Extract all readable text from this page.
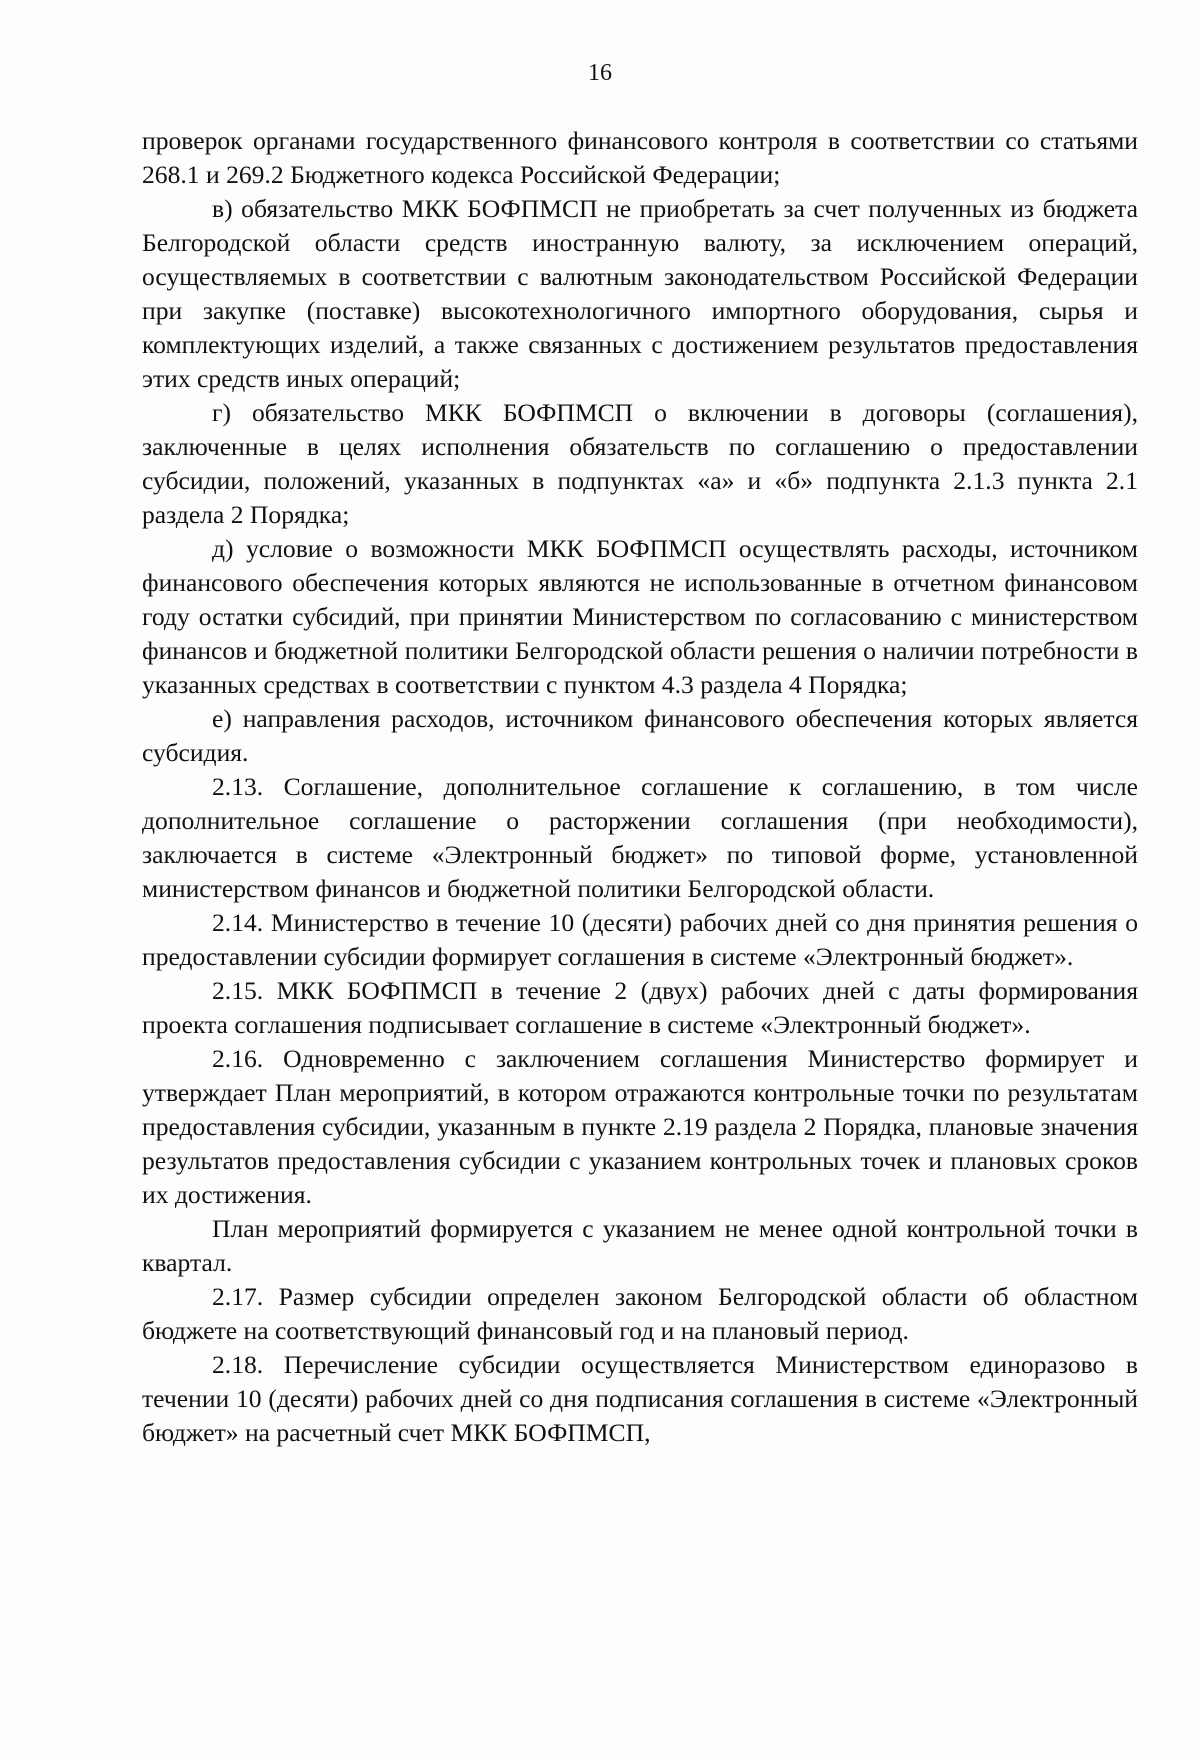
16

проверок органами государственного финансового контроля в соответствии со статьями 268.1 и 269.2 Бюджетного кодекса Российской Федерации;

в) обязательство МКК БОФПМСП не приобретать за счет полученных из бюджета Белгородской области средств иностранную валюту, за исключением операций, осуществляемых в соответствии с валютным законодательством Российской Федерации при закупке (поставке) высокотехнологичного импортного оборудования, сырья и комплектующих изделий, а также связанных с достижением результатов предоставления этих средств иных операций;

г) обязательство МКК БОФПМСП о включении в договоры (соглашения), заключенные в целях исполнения обязательств по соглашению о предоставлении субсидии, положений, указанных в подпунктах «а» и «б» подпункта 2.1.3 пункта 2.1 раздела 2 Порядка;

д) условие о возможности МКК БОФПМСП осуществлять расходы, источником финансового обеспечения которых являются не использованные в отчетном финансовом году остатки субсидий, при принятии Министерством по согласованию с министерством финансов и бюджетной политики Белгородской области решения о наличии потребности в указанных средствах в соответствии с пунктом 4.3 раздела 4 Порядка;

е) направления расходов, источником финансового обеспечения которых является субсидия.

2.13. Соглашение, дополнительное соглашение к соглашению, в том числе дополнительное соглашение о расторжении соглашения (при необходимости), заключается в системе «Электронный бюджет» по типовой форме, установленной министерством финансов и бюджетной политики Белгородской области.

2.14. Министерство в течение 10 (десяти) рабочих дней со дня принятия решения о предоставлении субсидии формирует соглашения в системе «Электронный бюджет».

2.15. МКК БОФПМСП в течение 2 (двух) рабочих дней с даты формирования проекта соглашения подписывает соглашение в системе «Электронный бюджет».

2.16. Одновременно с заключением соглашения Министерство формирует и утверждает План мероприятий, в котором отражаются контрольные точки по результатам предоставления субсидии, указанным в пункте 2.19 раздела 2 Порядка, плановые значения результатов предоставления субсидии с указанием контрольных точек и плановых сроков их достижения.

План мероприятий формируется с указанием не менее одной контрольной точки в квартал.

2.17. Размер субсидии определен законом Белгородской области об областном бюджете на соответствующий финансовый год и на плановый период.

2.18. Перечисление субсидии осуществляется Министерством единоразово в течении 10 (десяти) рабочих дней со дня подписания соглашения в системе «Электронный бюджет» на расчетный счет МКК БОФПМСП,
